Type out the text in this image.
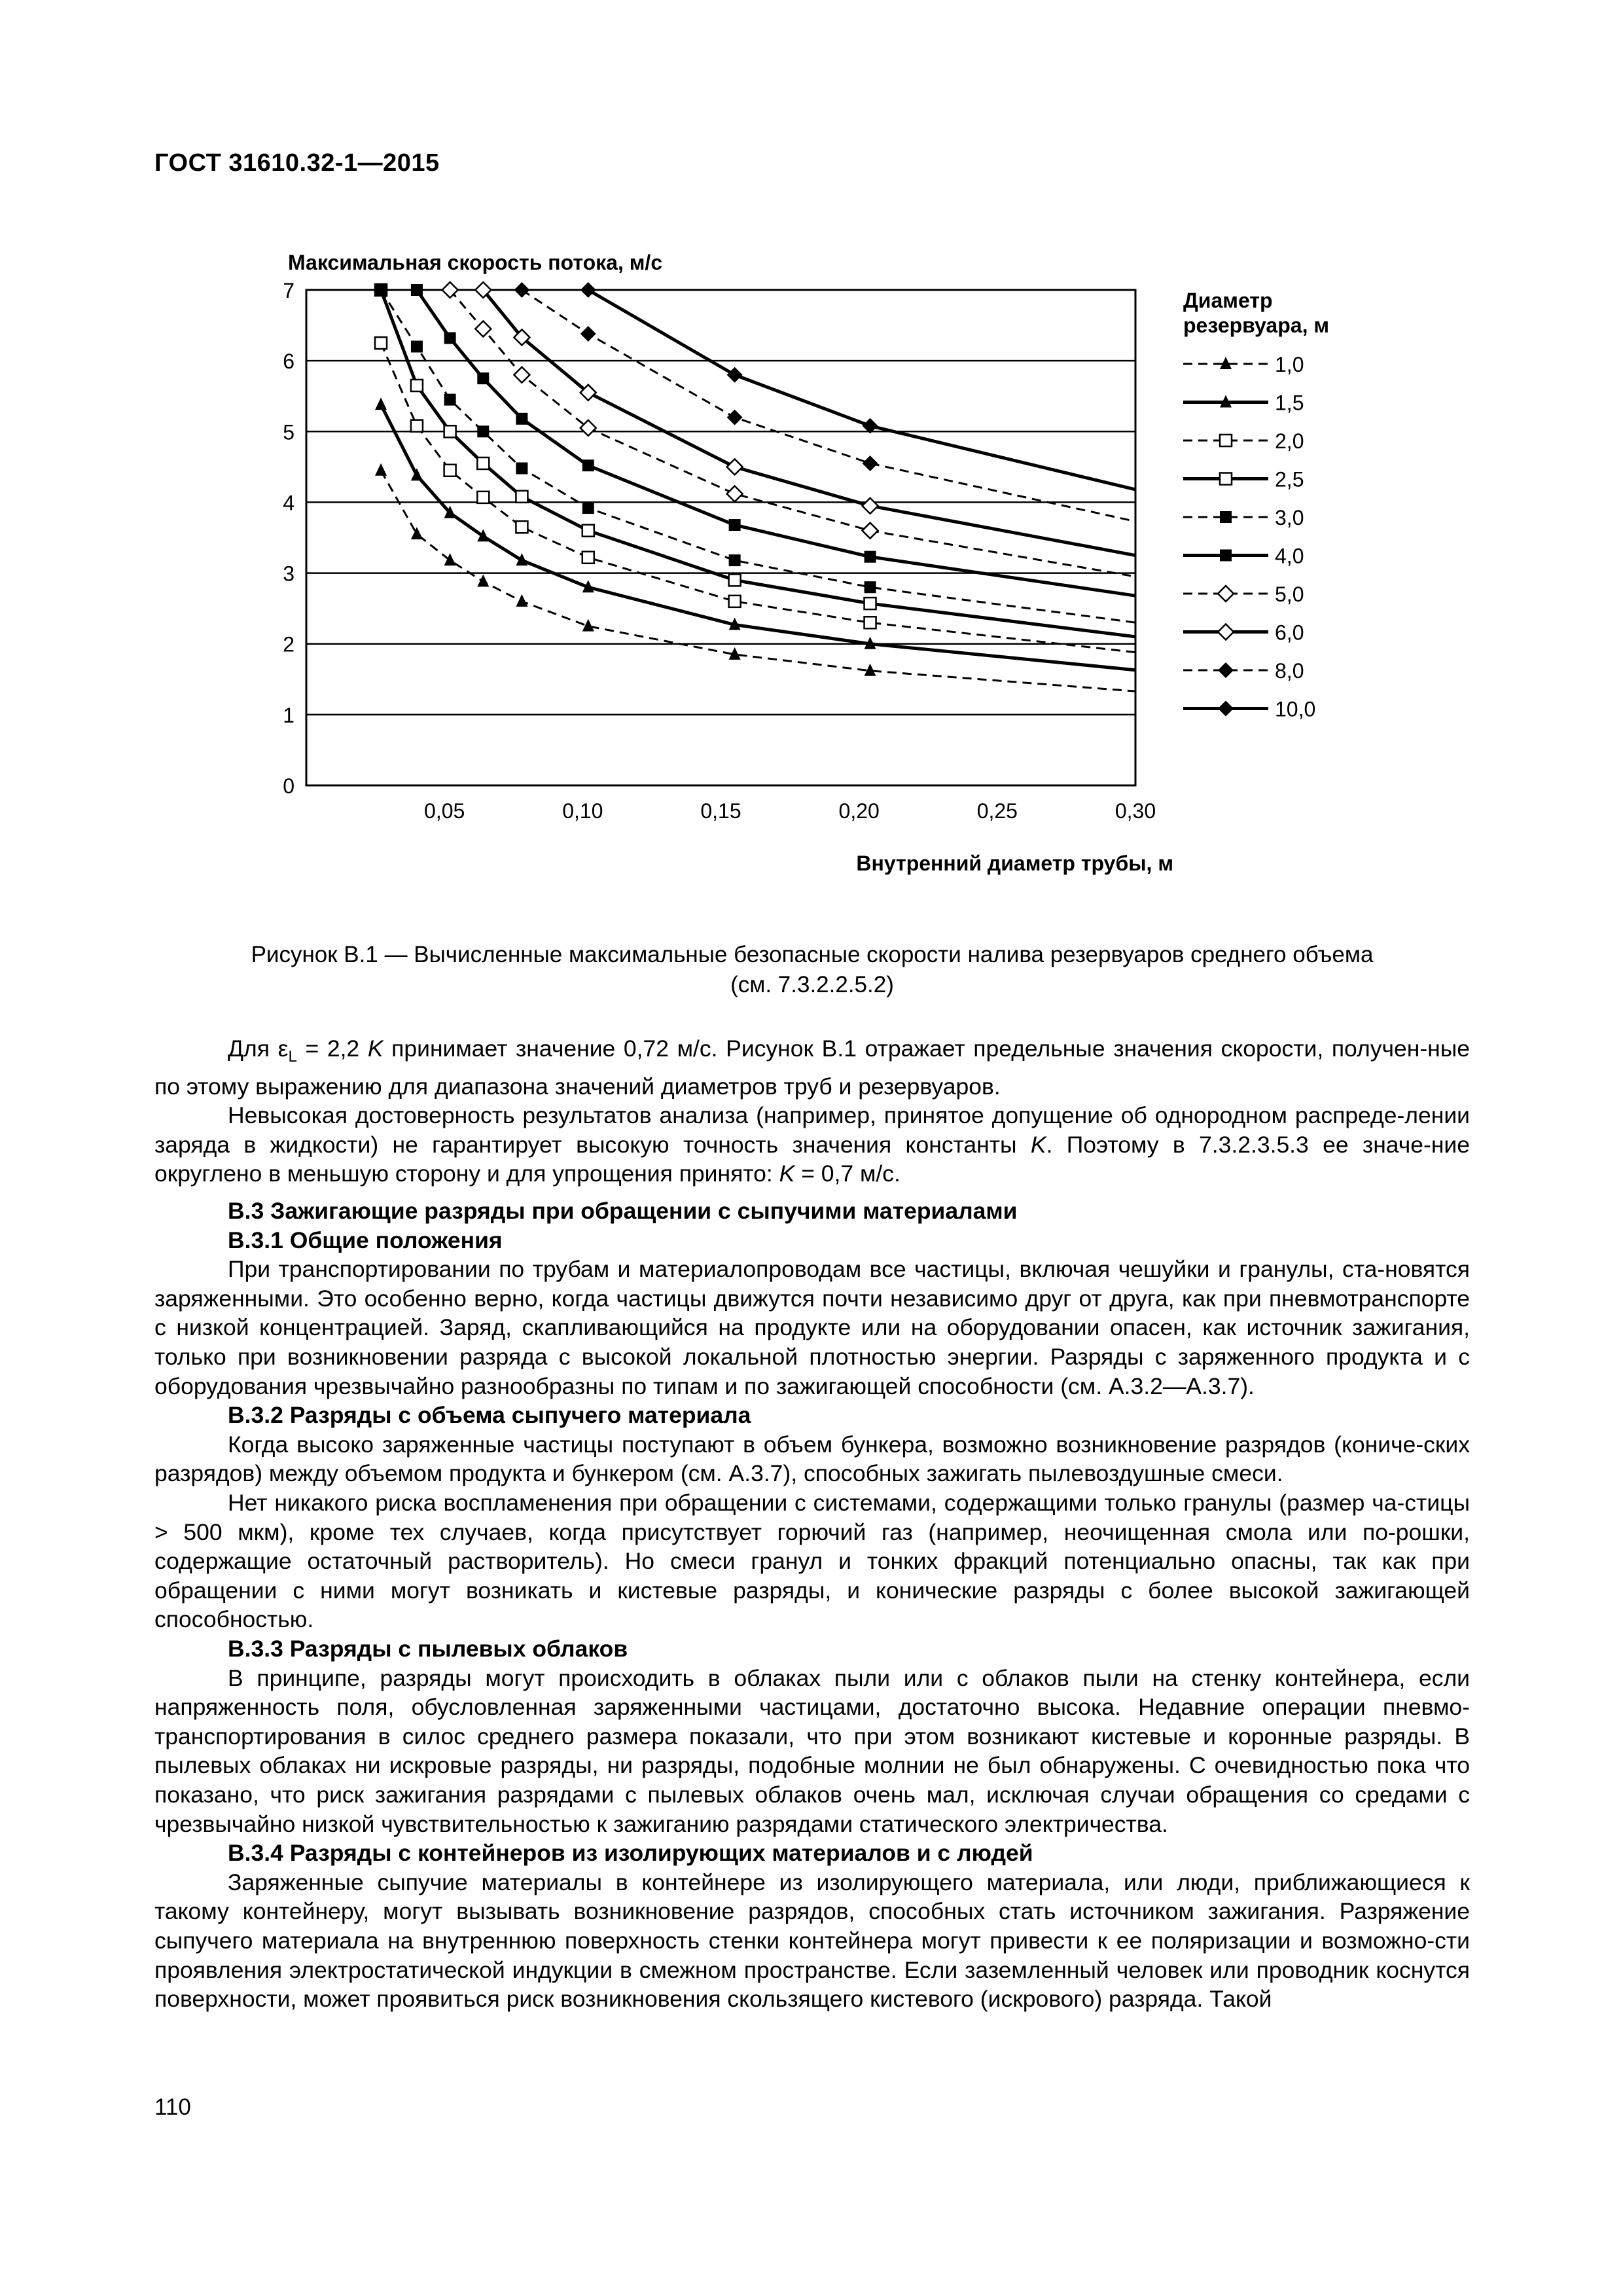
ГОСТ 31610.32-1—2015
Максимальная скорость потока, м/с
0
1
2
3
4
5
6
7
0,05	0,10	0,15	0,20	0,25	0,30
1,0
1,5
2,0
2,5
3,0
4,0
5,0
6,0
8,0
10,0
Внутренний диаметр трубы, м
Диаметр
резервуара, м
Рисунок В.1 — Вычисленные максимальные безопасные скорости налива резервуаров среднего объема
(см. 7.3.2.2.5.2)

Для $\varepsilon_L = 2,2$ K принимает значение 0,72 м/с. Рисунок В.1 отражает предельные значения скорости, получен-ные по этому выражению для диапазона значений диаметров труб и резервуаров.

Невысокая достоверность результатов анализа (например, принятое допущение об однородном распреде-лении заряда в жидкости) не гарантирует высокую точность значения константы K. Поэтому в 7.3.2.3.5.3 ее значе-ние округлено в меньшую сторону и для упрощения принято: K = 0,7 м/с.

В.3 Зажигающие разряды при обращении с сыпучими материалами
В.3.1 Общие положения

При транспортировании по трубам и материалопроводам все частицы, включая чешуйки и гранулы, ста-новятся заряженными. Это особенно верно, когда частицы движутся почти независимо друг от друга, как при пневмотранспорте с низкой концентрацией. Заряд, скапливающийся на продукте или на оборудовании опасен, как источник зажигания, только при возникновении разряда с высокой локальной плотностью энергии. Разряды с заряженного продукта и с оборудования чрезвычайно разнообразны по типам и по зажигающей способности (см. А.3.2—А.3.7).

В.3.2 Разряды с объема сыпучего материала

Когда высоко заряженные частицы поступают в объем бункера, возможно возникновение разрядов (кониче-ских разрядов) между объемом продукта и бункером (см. А.3.7), способных зажигать пылевоздушные смеси.

Нет никакого риска воспламенения при обращении с системами, содержащими только гранулы (размер ча-стицы > 500 мкм), кроме тех случаев, когда присутствует горючий газ (например, неочищенная смола или по-рошки, содержащие остаточный растворитель). Но смеси гранул и тонких фракций потенциально опасны, так как при обращении с ними могут возникать и кистевые разряды, и конические разряды с более высокой зажигающей способностью.

В.3.3 Разряды с пылевых облаков

В принципе, разряды могут происходить в облаках пыли или с облаков пыли на стенку контейнера, если напряженность поля, обусловленная заряженными частицами, достаточно высока. Недавние операции пневмо-транспортирования в силос среднего размера показали, что при этом возникают кистевые и коронные разряды. В пылевых облаках ни искровые разряды, ни разряды, подобные молнии не был обнаружены. С очевидностью пока что показано, что риск зажигания разрядами с пылевых облаков очень мал, исключая случаи обращения со средами с чрезвычайно низкой чувствительностью к зажиганию разрядами статического электричества.

В.3.4 Разряды с контейнеров из изолирующих материалов и с людей

Заряженные сыпучие материалы в контейнере из изолирующего материала, или люди, приближающиеся к такому контейнеру, могут вызывать возникновение разрядов, способных стать источником зажигания. Разряжение сыпучего материала на внутреннюю поверхность стенки контейнера могут привести к ее поляризации и возможно-сти проявления электростатической индукции в смежном пространстве. Если заземленный человек или проводник коснутся поверхности, может проявиться риск возникновения скользящего кистевого (искрового) разряда. Такой

110
